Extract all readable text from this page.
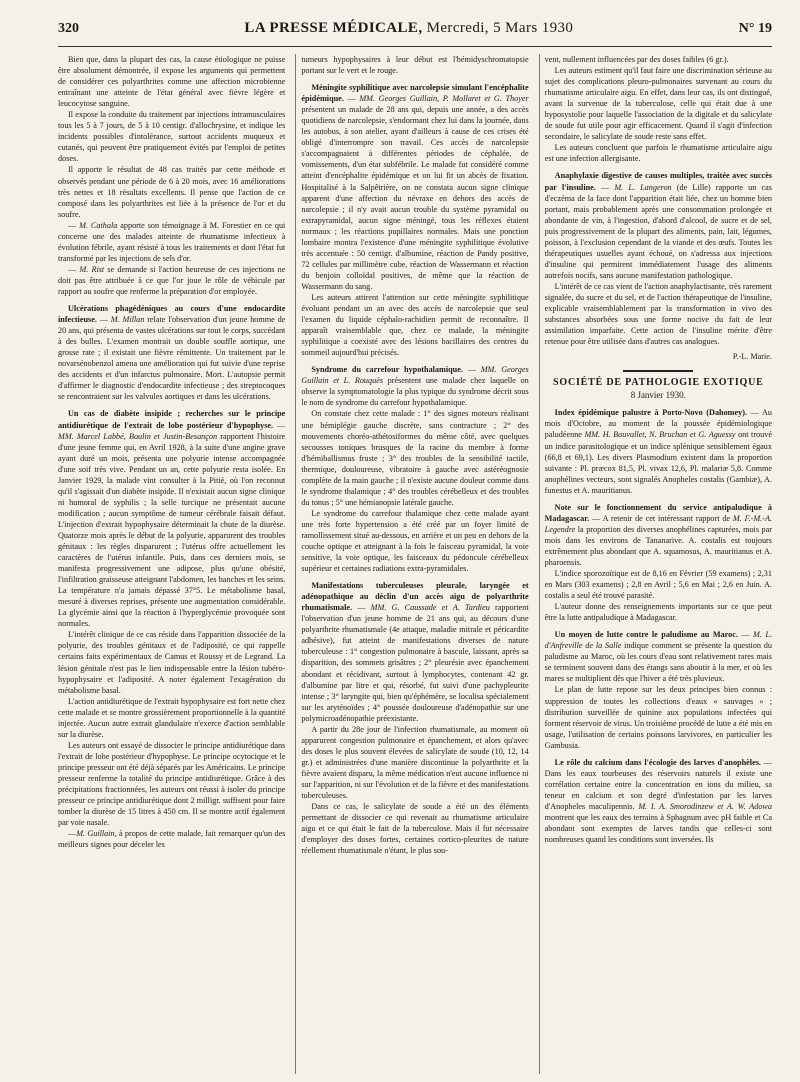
320	LA PRESSE MÉDICALE, Mercredi, 5 Mars 1930	N° 19

Bien que, dans la plupart des cas, la cause étiologique ne puisse être absolument démontrée, il expose les arguments qui permettent de considérer ces polyarthrites comme une affection microbienne entraînant une atteinte de l'état général avec fièvre légère et leucocytose sanguine.

Il expose la conduite du traitement par injections intramusculaires tous les 5 à 7 jours, de 5 à 10 centigr. d'allochrysine, et indique les incidents possibles d'intolérance, surtout accidents muqueux et cutanés, qui peuvent être pratiquement évités par l'emploi de petites doses.

Il apporte le résultat de 48 cas traités par cette méthode et observés pendant une période de 6 à 20 mois, avec 16 améliorations très nettes et 18 résultats excellents. Il pense que l'action de ce composé dans les polyarthrites est liée à la présence de l'or et du soufre.

— M. Cathala apporte son témoignage à M. Forestier en ce qui concerne une des malades atteinte de rhumatisme infectieux à évolution fébrile, ayant résisté à tous les traitements et dont l'état fut transformé par les injections de sels d'or.

— M. Rist se demande si l'action heureuse de ces injections ne doit pas être attribuée à ce que l'or joue le rôle de véhicule par rapport au soufre que renferme la préparation d'or employée.

Ulcérations phagédéniques au cours d'une endocardite infectieuse. — M. Millan relate l'observation d'un jeune homme de 20 ans, qui présenta de vastes ulcérations sur tout le corps, succédant à des bulles. L'examen montrait un double souffle aortique, une grosse rate ; il existait une fièvre rémittente. Un traitement par le novarsénobenzol amena une amélioration qui fut suivie d'une reprise des accidents et d'un infarctus pulmonaire. Mort. L'autopsie permit d'affirmer le diagnostic d'endocardite infectieuse ; des streptocoques se rencontraient sur les valvules aortiques et dans les ulcérations.

Un cas de diabète insipide ; recherches sur le principe antidiurétique de l'extrait de lobe postérieur d'hypophyse. — MM. Marcel Labbé, Boulin et Justin-Besançon rapportent l'histoire d'une jeune femme qui, en Avril 1928, à la suite d'une angine grave ayant duré un mois, présenta une polyurie intense accompagnée d'une soif très vive. Pendant un an, cette polyurie resta isolée. En Janvier 1929, la malade vint consulter à la Pitié, où l'on reconnut qu'il s'agissait d'un diabète insipide. Il n'existait aucun signe clinique ni humoral de syphilis ; la selle turcique ne présentait aucune modification ; aucun symptôme de tumeur cérébrale faisait défaut. L'injection d'extrait hypophysaire déterminait la chute de la diurèse. Quatorze mois après le début de la polyurie, apparurent des troubles génitaux : les règles disparurent ; l'utérus offre actuellement les caractères de l'utérus infantile. Puis, dans ces derniers mois, se manifesta progressivement une adipose, plus qu'une obésité, l'infiltration graisseuse atteignant l'abdomen, les hanches et les seins. La température n'a jamais dépassé 37°5. Le métabolisme basal, mesuré à diverses reprises, présente une augmentation considérable. La glycémie ainsi que la réaction à l'hyperglycémie provoquée sont normales.

L'intérêt clinique de ce cas réside dans l'apparition dissociée de la polyurie, des troubles génitaux et de l'adiposité, ce qui rappelle certains faits expérimentaux de Camus et Roussy et de Legrand. La lésion génitale n'est pas le lien indispensable entre la lésion tubéro-hypophysaire et l'adiposité. A noter également l'exagération du métabolisme basal.

L'action antidiurétique de l'extrait hypophysaire est fort nette chez cette malade et se montre grossièrement proportionnelle à la quantité injectée. Aucun autre extrait glandulaire n'exerce d'action semblable sur la diurèse.

Les auteurs ont essayé de dissocier le principe antidiurétique dans l'extrait de lobe postérieur d'hypophyse. Le principe ocytocique et le principe presseur ont été déjà séparés par les Américains. Le principe presseur renferme la totalité du principe antidiurétique. Grâce à des précipitations fractionnées, les auteurs ont réussi à isoler du principe presseur ce principe antidiurétique dont 2 milligr. suffisent pour faire tomber la diurèse de 15 litres à 450 cm. Il se montre actif également par voie nasale.

—M. Guillain, à propos de cette malade, fait remarquer qu'un des meilleurs signes pour déceler les

tumeurs hypophysaires à leur début est l'hémidyschromatopsie portant sur le vert et le rouge.

Méningite syphilitique avec narcolepsie simulant l'encéphalite épidémique. — MM. Georges Guillain, P. Mollaret et G. Thoyer présentent un malade de 28 ans qui, depuis une année, a des accès quotidiens de narcolepsie, s'endormant chez lui dans la journée, dans les autobus, à son atelier, ayant d'ailleurs à cause de ces crises été obligé d'interrompre son travail. Ces accès de narcolepsie s'accompagnaient à différentes périodes de céphalée, de vomissements, d'un état subfébrile. Le malade fut considéré comme atteint d'encéphalite épidémique et on lui fit un abcès de fixation. Hospitalisé à la Salpêtrière, on ne constata aucun signe clinique apparent d'une affection du névraxe en dehors des accès de narcolepsie ; il n'y avait aucun trouble du système pyramidal ou extrapyramidal, aucun signe méningé, tous les réflexes étaient normaux ; les réactions pupillaires normales. Mais une ponction lombaire montra l'existence d'une méningite syphilitique évolutive très accentuée : 50 centigr. d'albumine, réaction de Pandy positive, 72 cellules par millimètre cube, réaction de Wassermann et réaction du benjoin colloïdal positives, de même que la réaction de Wassermann du sang.

Les auteurs attirent l'attention sur cette méningite syphilitique évoluant pendant un an avec des accès de narcolepsie que seul l'examen du liquide céphalo-rachidien permit de reconnaître. Il apparaît vraisemblable que, chez ce malade, la méningite syphilitique a coexisté avec des lésions bacillaires des centres du sommeil aujourd'hui précisés.

Syndrome du carrefour hypothalamique. — MM. Georges Guillain et L. Rouquès présentent une malade chez laquelle on observe la symptomatologie la plus typique du syndrome décrit sous le nom de syndrome du carrefour hypothalamique.

On constate chez cette malade : 1° des signes moteurs réalisant une hémiplégie gauche discrète, sans contracture ; 2° des mouvements choréo-athétosiformes du même côté, avec quelques secousses toniques brusques de la racine du membre à forme d'hémiballismus fruste ; 3° des troubles de la sensibilité tactile, thermique, douloureuse, vibratoire à gauche avec astéréognosie complète de la main gauche ; il n'existe aucune douleur comme dans le syndrome thalamique ; 4° des troubles cérébelleux et des troubles du tonus ; 5° une hémianopsie latérale gauche.

Le syndrome du carrefour thalamique chez cette malade ayant une très forte hypertension a été créé par un foyer limité de ramollissement situé au-dessous, en arrière et un peu en dehors de la couche optique et atteignant à la fois le faisceau pyramidal, la voie sensitive, la voie optique, les faisceaux du pédoncule cérébelleux supérieur et certaines radiations extra-pyramidales.

Manifestations tuberculeuses pleurale, laryngée et adénopathique au déclin d'un accès aigu de polyarthrite rhumatismale. — MM. G. Caussade et A. Tardieu rapportent l'observation d'un jeune homme de 21 ans qui, au décours d'une polyarthrite rhumatismale (4e attaque, maladie mitrale et péricardite adhésive), fut atteint de manifestations diverses de nature tuberculeuse : 1° congestion pulmonaire à bascule, laissant, après sa disparition, des sommets grisâtres ; 2° pleurésie avec épanchement abondant et récidivant, surtout à lymphocytes, contenant 42 gr. d'albumine par litre et qui, résorbé, fut suivi d'une pachypleurite intense ; 3° laryngite qui, bien qu'éphémère, se localisa spécialement sur les aryténoïdes ; 4° poussée douloureuse d'adénopathie sur une polymicroadénopathie préexistante.

A partir du 28e jour de l'infection rhumatismale, au moment où apparurent congestion pulmonaire et épanchement, et alors qu'avec des doses le plus souvent élevées de salicylate de soude (10, 12, 14 gr.) et administrées d'une manière discontinue la polyarthrite et la fièvre avaient disparu, la même médication n'eut aucune influence ni sur l'apparition, ni sur l'évolution et de la fièvre et des manifestations tuberculeuses.

Dans ce cas, le salicylate de soude a été un des éléments permettant de dissocier ce qui revenait au rhumatisme articulaire aigu et ce qui était le fait de la tuberculose. Mais il fut nécessaire d'employer des doses fortes, certaines cortico-pleurites de nature réellement rhumatismale n'étant, le plus sou-

vent, nullement influencées par des doses faibles (6 gr.).

Les auteurs estiment qu'il faut faire une discrimination sérieuse au sujet des complications pleuro-pulmonaires survenant au cours du rhumatisme articulaire aigu. En effet, dans leur cas, ils ont distingué, avant la survenue de la tuberculose, celle qui était due à une hyposystolie pour laquelle l'association de la digitale et du salicylate de soude fut utile pour agir efficacement. Quand il s'agit d'infection secondaire, le salicylate de soude reste sans effet.

Les auteurs concluent que parfois le rhumatisme articulaire aigu est une infection allergisante.

Anaphylaxie digestive de causes multiples, traitée avec succès par l'insuline. — M. L. Langeron (de Lille) rapporte un cas d'eczéma de la face dont l'apparition était liée, chez un homme bien portant, mais probablement après une consommation prolongée et abondante de vin, à l'ingestion, d'abord d'alcool, de sucre et de sel, puis progressivement de la plupart des aliments, pain, lait, légumes, poisson, à l'exclusion cependant de la viande et des œufs. Toutes les thérapeutiques usuelles ayant échoué, on s'adressa aux injections d'insuline qui permirent immédiatement l'usage des aliments autrefois nocifs, sans aucune manifestation pathologique.

L'intérêt de ce cas vient de l'action anaphylactisante, très rarement signalée, du sucre et du sel, et de l'action thérapeutique de l'insuline, explicable vraisemblablement par la transformation in vivo des substances absorbées sous une forme nocive du fait de leur assimilation imparfaite. Cette action de l'insuline mérite d'être retenue pour être utilisée dans d'autres cas analogues.

P.-L. Marie.

SOCIÉTÉ DE PATHOLOGIE EXOTIQUE

8 Janvier 1930.

Index épidémique palustre à Porto-Novo (Dahomey). — Au mois d'Octobre, au moment de la poussée épidémiologique paludéenne MM. H. Bauvallet, N. Bruchan et G. Aguessy ont trouvé un indice parasitologique et un indice splénique sensiblement égaux (66,8 et 69,1). Les divers Plasmodium existent dans la proportion suivante : Pl. præcox 81,5, Pl. vivax 12,6, Pl. malariæ 5,8. Comme anophélines vecteurs, sont signalés Anopheles costalis (Gambiæ), A. funestus et A. mauritianus.

Note sur le fonctionnement du service antipaludique à Madagascar. — A retenir de cet intéressant rapport de M. F.-M.-A. Legendre la proportion des diverses anophélines capturées, mois par mois dans les environs de Tananarive. A. costalis est toujours extrêmement plus abondant que A. squamosus, A. mauritianus et A. pharoensis.

L'indice sporozoïtique est de 8,16 en Février (59 examens) ; 2,31 en Mars (303 examens) ; 2,8 en Avril ; 5,6 en Mai ; 2,6 en Juin. A. costalis a seul été trouvé parasité.

L'auteur donne des renseignements importants sur ce que peut être la lutte antipaludique à Madagascar.

Un moyen de lutte contre le paludisme au Maroc. — M. L. d'Anfreville de la Salle indique comment se présente la question du paludisme au Maroc, où les cours d'eau sont relativement rares mais se terminent souvent dans des étangs sans aboutir à la mer, et où les mares se multiplient dès que l'hiver a été très pluvieux.

Le plan de lutte repose sur les deux principes bien connus : suppression de toutes les collections d'eaux « sauvages » ; distribution surveillée de quinine aux populations infectées qui forment réservoir de virus. Un troisième procédé de lutte a été mis en usage, l'utilisation de certains poissons larvivores, en particulier les Gambusia.

Le rôle du calcium dans l'écologie des larves d'anophèles. — Dans les eaux tourbeuses des réservoirs naturels il existe une corrélation certaine entre la concentration en ions du milieu, sa teneur en calcium et son degré d'infestation par les larves d'Anopheles maculipennis. M. I. A. Smorodinzew et A. W. Adowa montrent que les eaux des terrains à Sphagnum avec pH faible et Ca abondant sont exemptes de larves tandis que celles-ci sont nombreuses quand les conditions sont inversées. Ils
